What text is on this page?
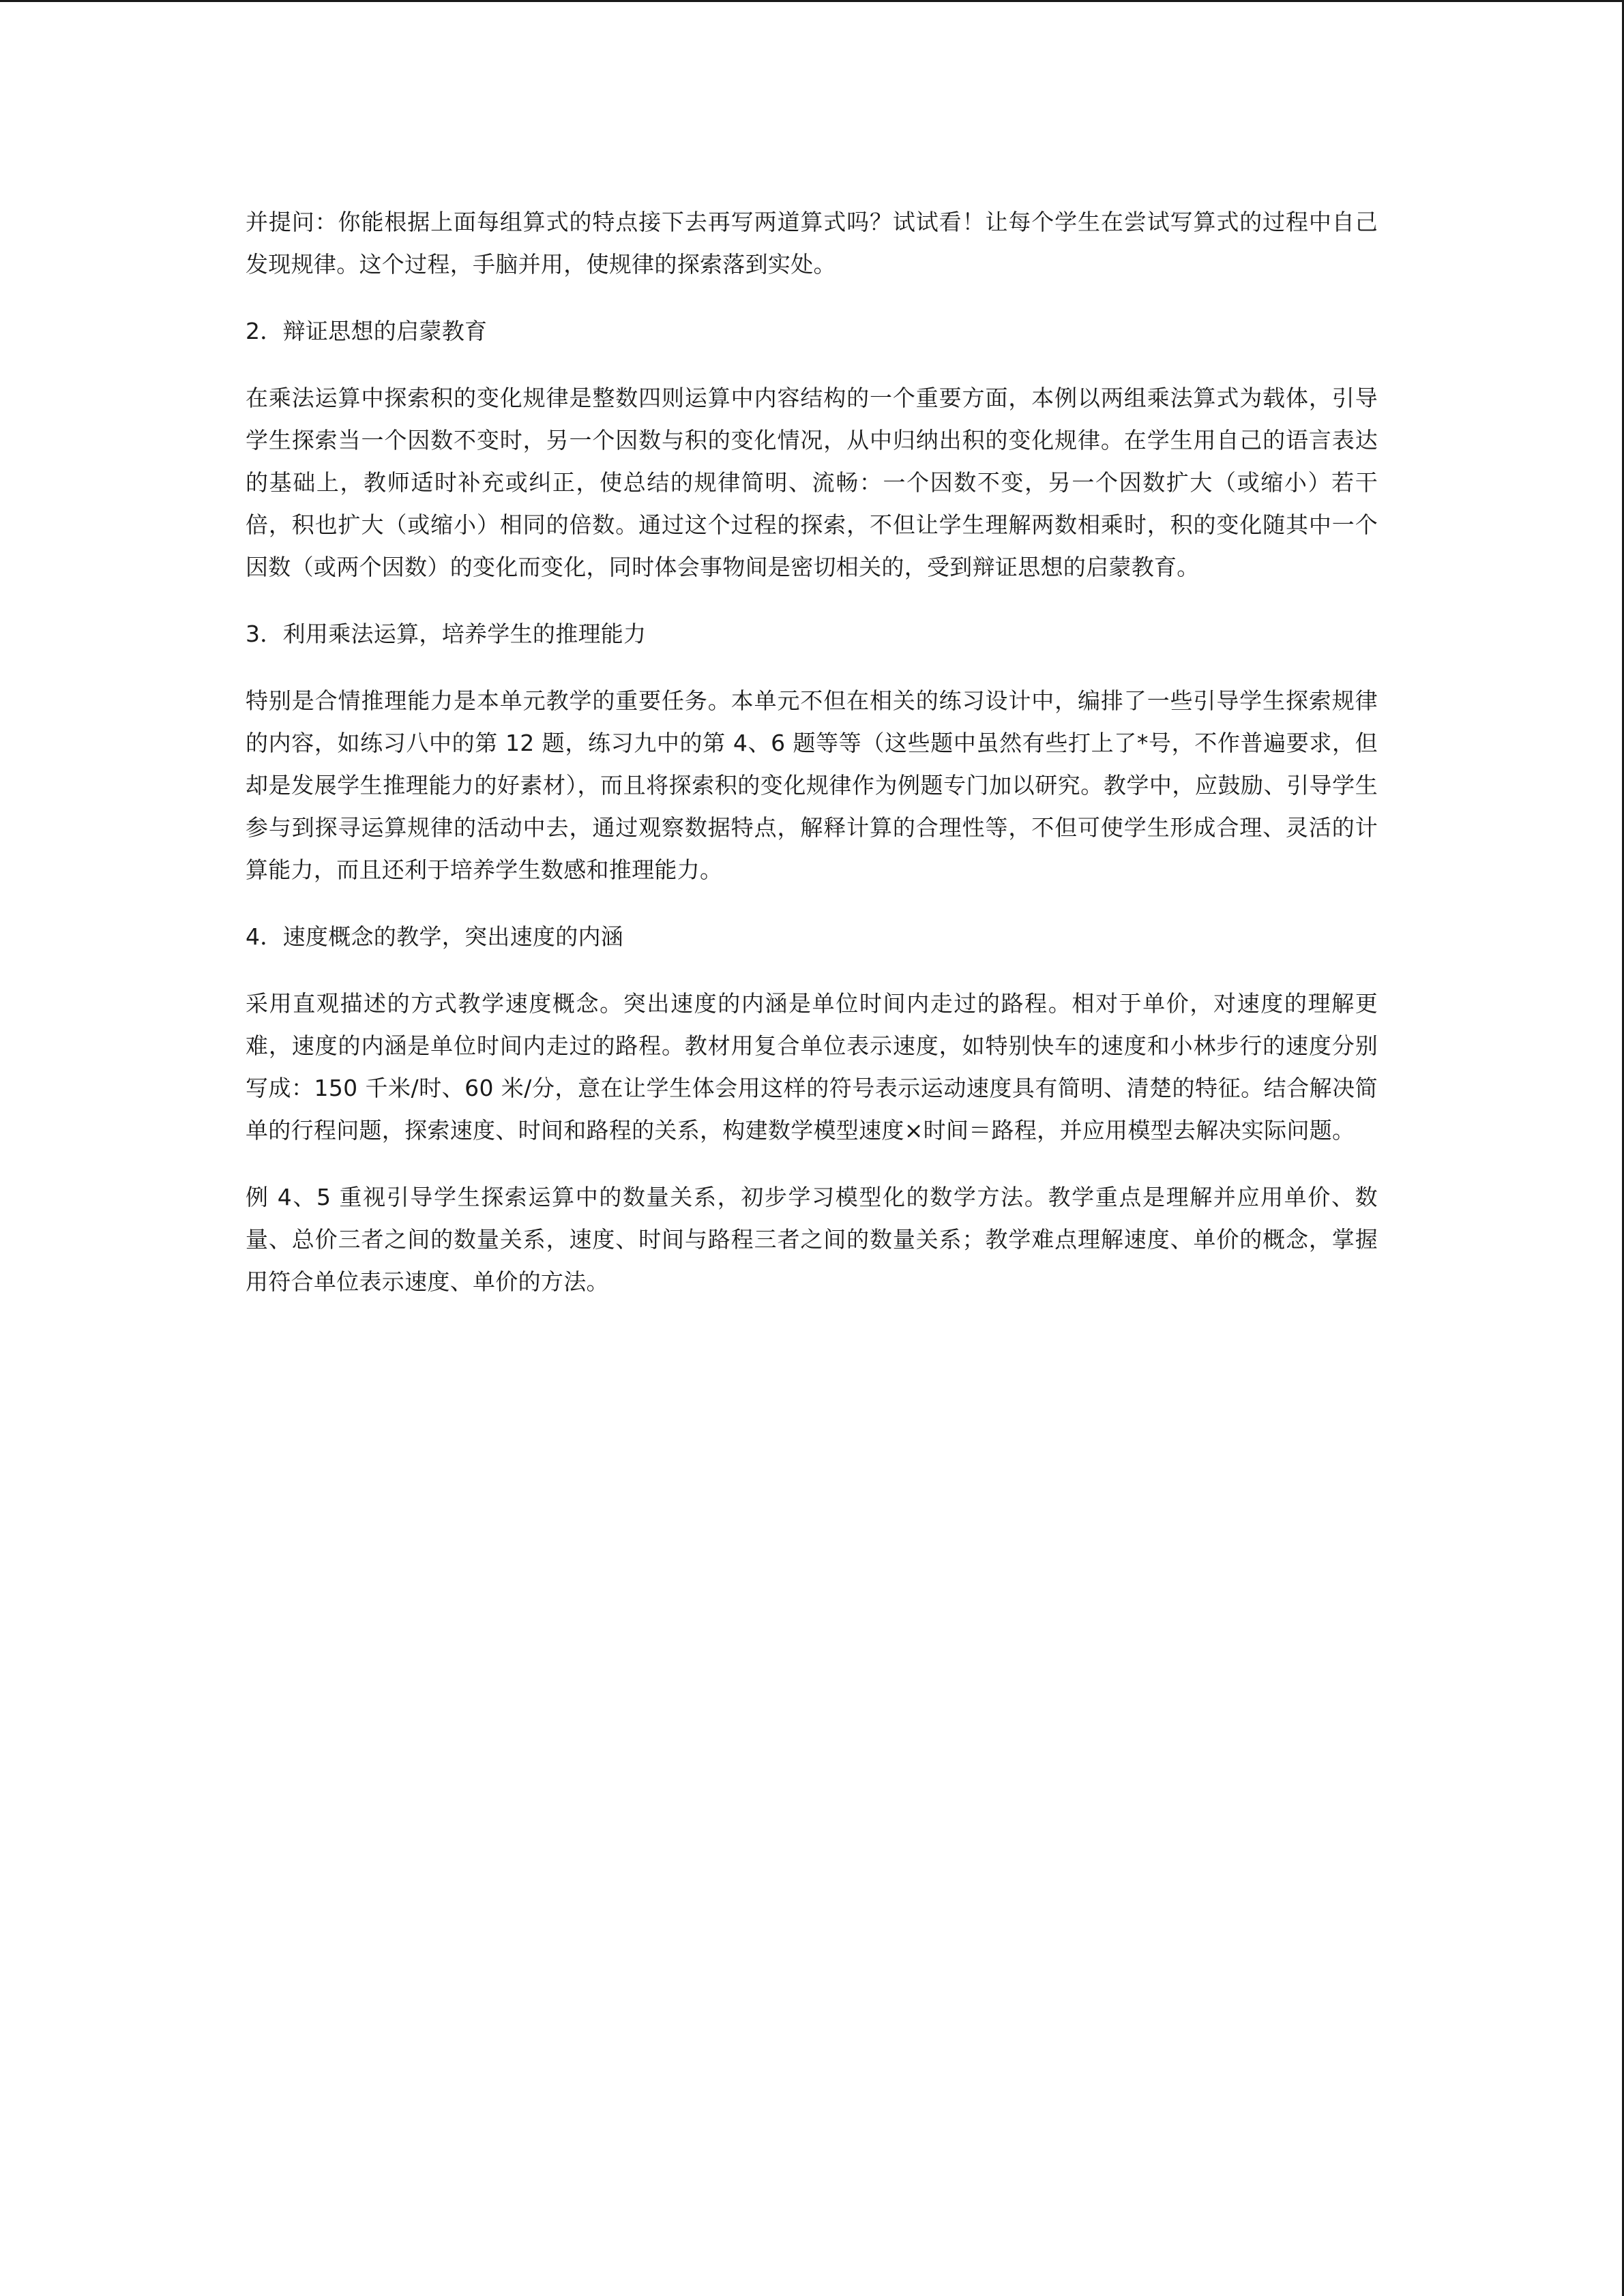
并提问：你能根据上面每组算式的特点接下去再写两道算式吗？试试看！让每个学生在尝试写算式的过程中自己发现规律。这个过程，手脑并用，使规律的探索落到实处。

2．辩证思想的启蒙教育

在乘法运算中探索积的变化规律是整数四则运算中内容结构的一个重要方面，本例以两组乘法算式为载体，引导学生探索当一个因数不变时，另一个因数与积的变化情况，从中归纳出积的变化规律。在学生用自己的语言表达的基础上，教师适时补充或纠正，使总结的规律简明、流畅：一个因数不变，另一个因数扩大（或缩小）若干倍，积也扩大（或缩小）相同的倍数。通过这个过程的探索，不但让学生理解两数相乘时，积的变化随其中一个因数（或两个因数）的变化而变化，同时体会事物间是密切相关的，受到辩证思想的启蒙教育。

3．利用乘法运算，培养学生的推理能力

特别是合情推理能力是本单元教学的重要任务。本单元不但在相关的练习设计中，编排了一些引导学生探索规律的内容，如练习八中的第 12 题，练习九中的第 4、6 题等等（这些题中虽然有些打上了*号，不作普遍要求，但却是发展学生推理能力的好素材），而且将探索积的变化规律作为例题专门加以研究。教学中，应鼓励、引导学生参与到探寻运算规律的活动中去，通过观察数据特点，解释计算的合理性等，不但可使学生形成合理、灵活的计算能力，而且还利于培养学生数感和推理能力。

4．速度概念的教学，突出速度的内涵

采用直观描述的方式教学速度概念。突出速度的内涵是单位时间内走过的路程。相对于单价，对速度的理解更难，速度的内涵是单位时间内走过的路程。教材用复合单位表示速度，如特别快车的速度和小林步行的速度分别写成：150 千米/时、60 米/分，意在让学生体会用这样的符号表示运动速度具有简明、清楚的特征。结合解决简单的行程问题，探索速度、时间和路程的关系，构建数学模型速度×时间＝路程，并应用模型去解决实际问题。

例 4、5 重视引导学生探索运算中的数量关系，初步学习模型化的数学方法。教学重点是理解并应用单价、数量、总价三者之间的数量关系，速度、时间与路程三者之间的数量关系；教学难点理解速度、单价的概念，掌握用符合单位表示速度、单价的方法。
